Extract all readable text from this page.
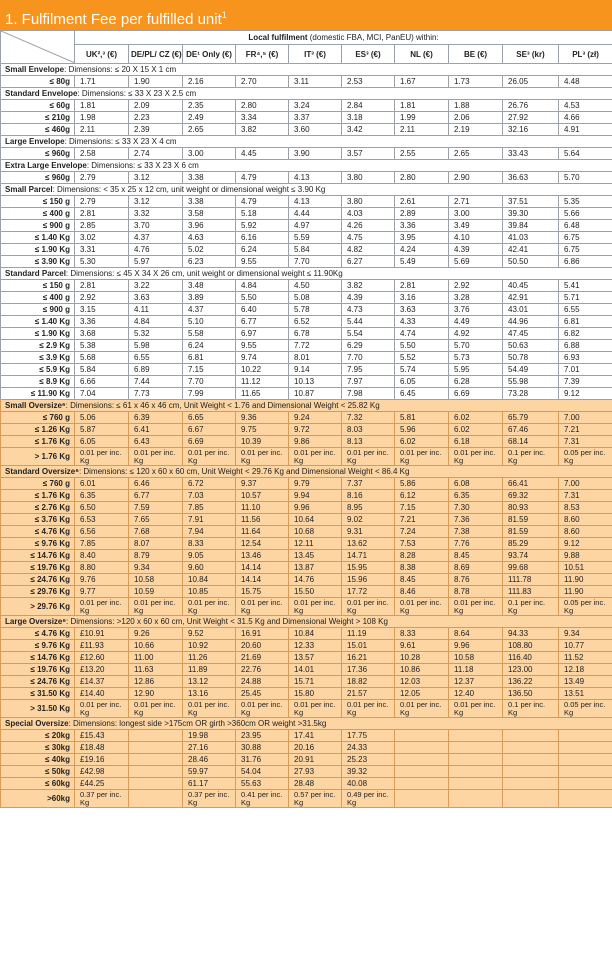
1. Fulfilment Fee per fulfilled unit$^1$
	Local fulfilment (domestic FBA, MCI, PanEU) within:									
	UK²,³ (€)	DE/PL/ CZ (€)	DE¹ Only (€)	FR⁴,⁵ (€)	IT³ (€)	ES³ (€)	NL (€)	BE (€)	SE³ (kr)	PL³ (zł)
Small Envelope: Dimensions: ≤ 20 X 15 X 1 cm										
≤ 80g	1.71	1.90	2.16	2.70	3.11	2.53	1.67	1.73	26.05	4.48
Standard Envelope: Dimensions: ≤ 33 X 23 X 2.5 cm										
≤ 60g	1.81	2.09	2.35	2.80	3.24	2.84	1.81	1.88	26.76	4.53
≤ 210g	1.98	2.23	2.49	3.34	3.37	3.18	1.99	2.06	27.92	4.66
≤ 460g	2.11	2.39	2.65	3.82	3.60	3.42	2.11	2.19	32.16	4.91
Large Envelope: Dimensions: ≤ 33 X 23 X 4 cm										
≤ 960g	2.58	2.74	3.00	4.45	3.90	3.57	2.55	2.65	33.43	5.64
Extra Large Envelope: Dimensions: ≤ 33 X 23 X 6 cm										
≤ 960g	2.79	3.12	3.38	4.79	4.13	3.80	2.80	2.90	36.63	5.70
Small Parcel: Dimensions: < 35 x 25 x 12 cm, unit weight or dimensional weight ≤ 3.90 Kg										
≤ 150 g	2.79	3.12	3.38	4.79	4.13	3.80	2.61	2.71	37.51	5.35
≤ 400 g	2.81	3.32	3.58	5.18	4.44	4.03	2.89	3.00	39.30	5.66
≤ 900 g	2.85	3.70	3.96	5.92	4.97	4.26	3.36	3.49	39.84	6.48
≤ 1.40 Kg	3.02	4.37	4.63	6.16	5.59	4.75	3.95	4.10	41.03	6.75
≤ 1.90 Kg	3.31	4.76	5.02	6.24	5.84	4.82	4.24	4.39	42.41	6.75
≤ 3.90 Kg	5.30	5.97	6.23	9.55	7.70	6.27	5.49	5.69	50.50	6.86
Standard Parcel: Dimensions: ≤ 45 X 34 X 26 cm, unit weight or dimensional weight ≤ 11.90Kg										
≤ 150 g	2.81	3.22	3.48	4.84	4.50	3.82	2.81	2.92	40.45	5.41
≤ 400 g	2.92	3.63	3.89	5.50	5.08	4.39	3.16	3.28	42.91	5.71
≤ 900 g	3.15	4.11	4.37	6.40	5.78	4.73	3.63	3.76	43.01	6.55
≤ 1.40 Kg	3.36	4.84	5.10	6.77	6.52	5.44	4.33	4.49	44.96	6.81
≤ 1.90 Kg	3.68	5.32	5.58	6.97	6.78	5.54	4.74	4.92	47.45	6.82
≤ 2.9 Kg	5.38	5.98	6.24	9.55	7.72	6.29	5.50	5.70	50.63	6.88
≤ 3.9 Kg	5.68	6.55	6.81	9.74	8.01	7.70	5.52	5.73	50.78	6.93
≤ 5.9 Kg	5.84	6.89	7.15	10.22	9.14	7.95	5.74	5.95	54.49	7.01
≤ 8.9 Kg	6.66	7.44	7.70	11.12	10.13	7.97	6.05	6.28	55.98	7.39
≤ 11.90 Kg	7.04	7.73	7.99	11.65	10.87	7.98	6.45	6.69	73.28	9.12
Small Oversize⁶: Dimensions: ≤ 61 x 46 x 46 cm, Unit Weight < 1.76 and Dimensional Weight < 25.82 Kg										
≤ 760 g	5.06	6.39	6.65	9.36	9.24	7.32	5.81	6.02	65.79	7.00
≤ 1.26 Kg	5.87	6.41	6.67	9.75	9.72	8.03	5.96	6.02	67.46	7.21
≤ 1.76 Kg	6.05	6.43	6.69	10.39	9.86	8.13	6.02	6.18	68.14	7.31
> 1.76 Kg	0.01 per inc. Kg	0.01 per inc. Kg	0.01 per inc. Kg	0.01 per inc. Kg	0.01 per inc. Kg	0.01 per inc. Kg	0.01 per inc. Kg	0.01 per inc. Kg	0.1 per inc. Kg	0.05 per inc. Kg
Standard Oversize⁶: Dimensions: ≤ 120 x 60 x 60 cm, Unit Weight < 29.76 Kg and Dimensional Weight < 86.4 Kg										
≤ 760 g	6.01	6.46	6.72	9.37	9.79	7.37	5.86	6.08	66.41	7.00
≤ 1.76 Kg	6.35	6.77	7.03	10.57	9.94	8.16	6.12	6.35	69.32	7.31
≤ 2.76 Kg	6.50	7.59	7.85	11.10	9.96	8.95	7.15	7.30	80.93	8.53
≤ 3.76 Kg	6.53	7.65	7.91	11.56	10.64	9.02	7.21	7.36	81.59	8.60
≤ 4.76 Kg	6.56	7.68	7.94	11.64	10.68	9.31	7.24	7.38	81.59	8.60
≤ 9.76 Kg	7.85	8.07	8.33	12.54	12.11	13.62	7.53	7.76	85.29	9.12
≤ 14.76 Kg	8.40	8.79	9.05	13.46	13.45	14.71	8.28	8.45	93.74	9.88
≤ 19.76 Kg	8.80	9.34	9.60	14.14	13.87	15.95	8.38	8.69	99.68	10.51
≤ 24.76 Kg	9.76	10.58	10.84	14.14	14.76	15.96	8.45	8.76	111.78	11.90
≤ 29.76 Kg	9.77	10.59	10.85	15.75	15.50	17.72	8.46	8.78	111.83	11.90
> 29.76 Kg	0.01 per inc. Kg	0.01 per inc. Kg	0.01 per inc. Kg	0.01 per inc. Kg	0.01 per inc. Kg	0.01 per inc. Kg	0.01 per inc. Kg	0.01 per inc. Kg	0.1 per inc. Kg	0.05 per inc. Kg
Large Oversize⁶: Dimensions: >120 x 60 x 60 cm, Unit Weight < 31.5 Kg and Dimensional Weight > 108 Kg										
≤ 4.76 Kg	£10.91	9.26	9.52	16.91	10.84	11.19	8.33	8.64	94.33	9.34
≤ 9.76 Kg	£11.93	10.66	10.92	20.60	12.33	15.01	9.61	9.96	108.80	10.77
≤ 14.76 Kg	£12.60	11.00	11.26	21.69	13.57	16.21	10.28	10.58	116.40	11.52
≤ 19.76 Kg	£13.20	11.63	11.89	22.76	14.01	17.36	10.86	11.18	123.00	12.18
≤ 24.76 Kg	£14.37	12.86	13.12	24.88	15.71	18.82	12.03	12.37	136.22	13.49
≤ 31.50 Kg	£14.40	12.90	13.16	25.45	15.80	21.57	12.05	12.40	136.50	13.51
> 31.50 Kg	0.01 per inc. Kg	0.01 per inc. Kg	0.01 per inc. Kg	0.01 per inc. Kg	0.01 per inc. Kg	0.01 per inc. Kg	0.01 per inc. Kg	0.01 per inc. Kg	0.1 per inc. Kg	0.05 per inc. Kg
Special Oversize: Dimensions: longest side >175cm OR girth >360cm OR weight >31.5kg										
≤ 20kg	£15.43		19.98	23.95	17.41	17.75				
≤ 30kg	£18.48		27.16	30.88	20.16	24.33				
≤ 40kg	£19.16		28.46	31.76	20.91	25.23				
≤ 50kg	£42.98		59.97	54.04	27.93	39.32				
≤ 60kg	£44.25		61.17	55.63	28.48	40.08				
>60kg	0.37 per inc. Kg		0.37 per inc. Kg	0.41 per inc. Kg	0.57 per inc. Kg	0.49 per inc. Kg				
